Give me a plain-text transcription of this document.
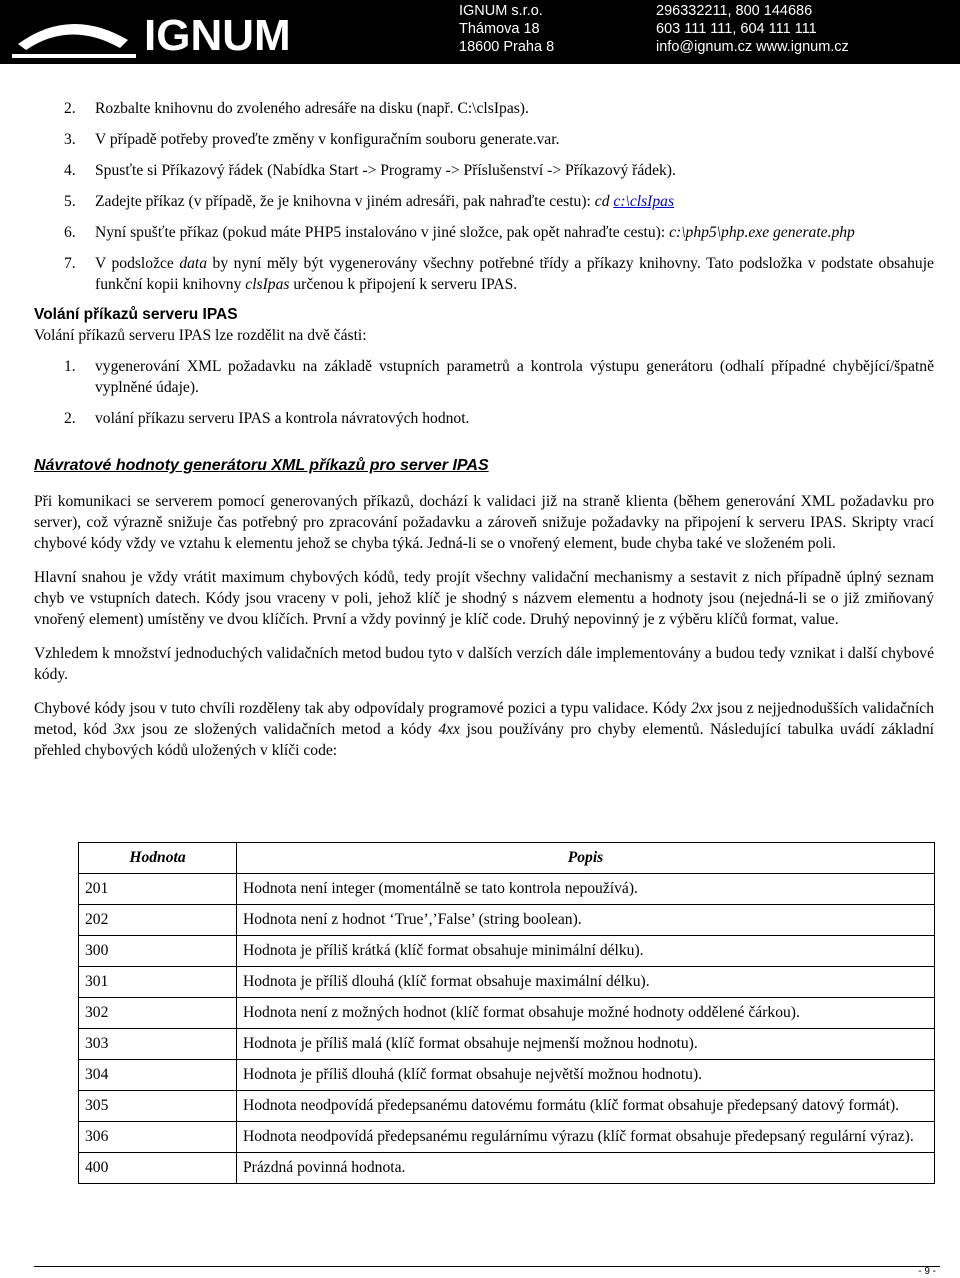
IGNUM	IGNUM s.r.o.
Thámova 18
18600 Praha 8
296332211, 800 144686
603 111 111, 604 111 111
info@ignum.cz www.ignum.cz
2. Rozbalte knihovnu do zvoleného adresáře na disku (např. C:\clsIpas).
3. V případě potřeby proveďte změny v konfiguračním souboru generate.var.
4. Spusťte si Příkazový řádek (Nabídka Start -> Programy -> Příslušenství -> Příkazový řádek).
5. Zadejte příkaz (v případě, že je knihovna v jiném adresáři, pak nahraďte cestu): cd c:\clsIpas
6. Nyní spušťte příkaz (pokud máte PHP5 instalováno v jiné složce, pak opět nahraďte cestu): c:\php5\php.exe generate.php
7. V podsložce data by nyní měly být vygenerovány všechny potřebné třídy a příkazy knihovny. Tato podsložka v podstate obsahuje funkční kopii knihovny clsIpas určenou k připojení k serveru IPAS.
Volání příkazů serveru IPAS

Volání příkazů serveru IPAS lze rozdělit na dvě části:

1. vygenerování XML požadavku na základě vstupních parametrů a kontrola výstupu generátoru (odhalí případné chybějící/špatně vyplněné údaje).
2. volání příkazu serveru IPAS a kontrola návratových hodnot.
Návratové hodnoty generátoru XML příkazů pro server IPAS

Při komunikaci se serverem pomocí generovaných příkazů, dochází k validaci již na straně klienta (během generování XML požadavku pro server), což výrazně snižuje čas potřebný pro zpracování požadavku a zároveň snižuje požadavky na připojení k serveru IPAS. Skripty vrací chybové kódy vždy ve vztahu k elementu jehož se chyba týká. Jedná-li se o vnořený element, bude chyba také ve složeném poli.

Hlavní snahou je vždy vrátit maximum chybových kódů, tedy projít všechny validační mechanismy a sestavit z nich případně úplný seznam chyb ve vstupních datech. Kódy jsou vraceny v poli, jehož klíč je shodný s názvem elementu a hodnoty jsou (nejedná-li se o již zmiňovaný vnořený element) umístěny ve dvou klíčích. První a vždy povinný je klíč code. Druhý nepovinný je z výběru klíčů format, value.

Vzhledem k množství jednoduchých validačních metod budou tyto v dalších verzích dále implementovány a budou tedy vznikat i další chybové kódy.

Chybové kódy jsou v tuto chvíli rozděleny tak aby odpovídaly programové pozici a typu validace. Kódy 2xx jsou z nejjednodušších validačních metod, kód 3xx jsou ze složených validačních metod a kódy 4xx jsou používány pro chyby elementů. Následující tabulka uvádí základní přehled chybových kódů uložených v klíči code:

Hodnota	Popis
201	Hodnota není integer (momentálně se tato kontrola nepoužívá).
202	Hodnota není z hodnot ‘True’,’False’ (string boolean).
300	Hodnota je příliš krátká (klíč format obsahuje minimální délku).
301	Hodnota je příliš dlouhá (klíč format obsahuje maximální délku).
302	Hodnota není z možných hodnot (klíč format obsahuje možné hodnoty oddělené čárkou).
303	Hodnota je příliš malá (klíč format obsahuje nejmenší možnou hodnotu).
304	Hodnota je příliš dlouhá (klíč format obsahuje největší možnou hodnotu).
305	Hodnota neodpovídá předepsanému datovému formátu (klíč format obsahuje předepsaný datový formát).
306	Hodnota neodpovídá předepsanému regulárnímu výrazu (klíč format obsahuje předepsaný regulární výraz).
400	Prázdná povinná hodnota.
- 9 -
